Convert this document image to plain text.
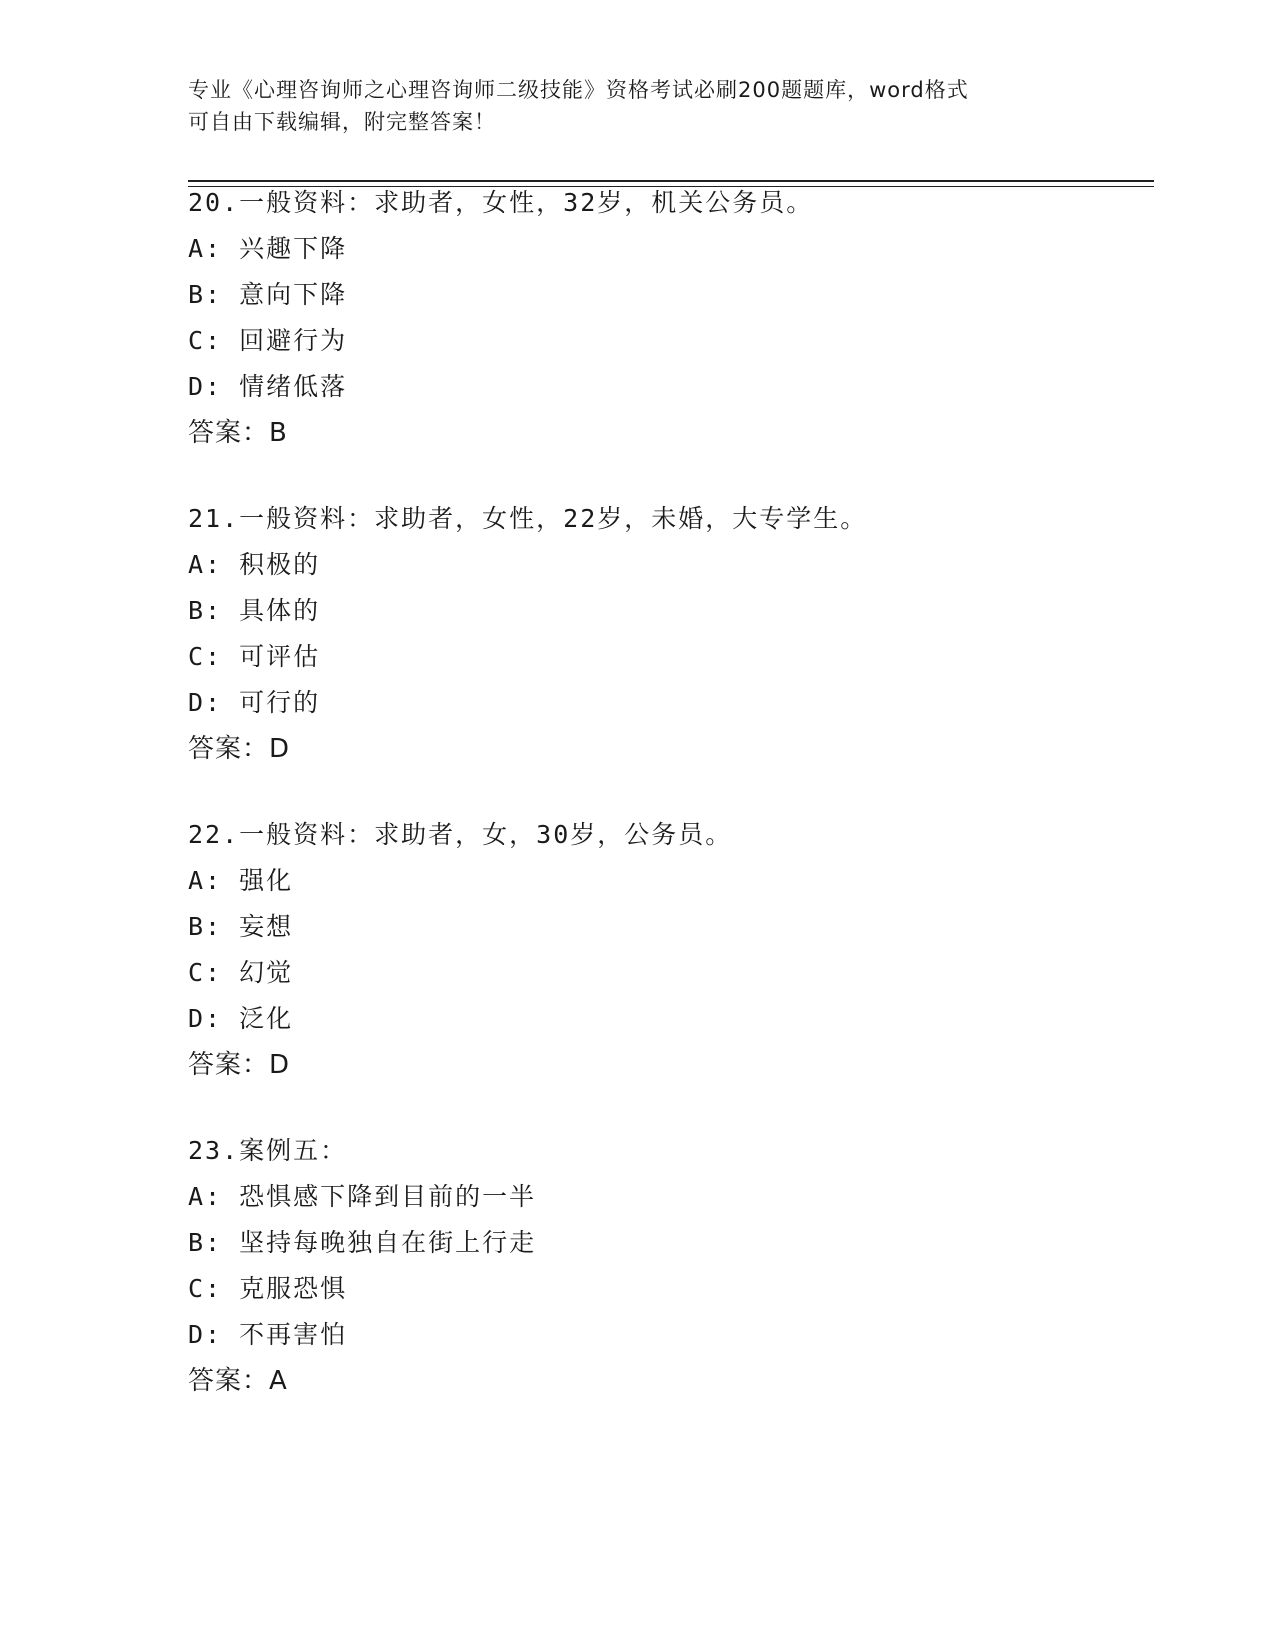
专业《心理咨询师之心理咨询师二级技能》资格考试必刷200题题库，word格式
可自由下载编辑，附完整答案！
20.一般资料：求助者，女性，32岁，机关公务员。
A: 兴趣下降
B: 意向下降
C: 回避行为
D: 情绪低落
答案：B
21.一般资料：求助者，女性，22岁，未婚，大专学生。
A: 积极的
B: 具体的
C: 可评估
D: 可行的
答案：D
22.一般资料：求助者，女，30岁，公务员。
A: 强化
B: 妄想
C: 幻觉
D: 泛化
答案：D
23.案例五：
A: 恐惧感下降到目前的一半
B: 坚持每晚独自在街上行走
C: 克服恐惧
D: 不再害怕
答案：A
